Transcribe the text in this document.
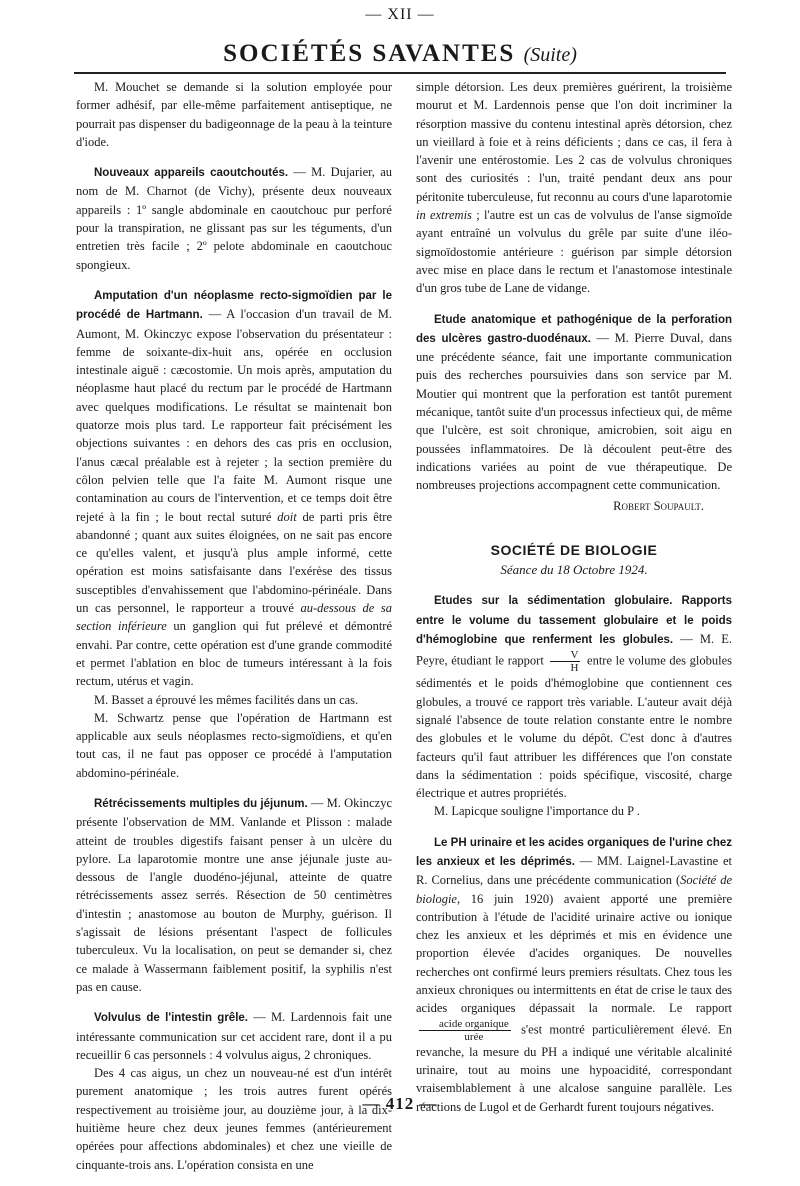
— XII —
SOCIÉTÉS SAVANTES (Suite)

M. Mouchet se demande si la solution employée pour former adhésif, par elle-même parfaitement antiseptique, ne pourrait pas dispenser du badigeonnage de la peau à la teinture d'iode.

Nouveaux appareils caoutchoutés. — M. Dujarier, au nom de M. Charnot (de Vichy), présente deux nouveaux appareils : 1º sangle abdominale en caoutchouc pur perforé pour la transpiration, ne glissant pas sur les téguments, d'un entretien très facile ; 2º pelote abdominale en caoutchouc spongieux.

Amputation d'un néoplasme recto-sigmoïdien par le procédé de Hartmann. — A l'occasion d'un travail de M. Aumont, M. Okinczyc expose l'observation du présentateur : femme de soixante-dix-huit ans, opérée en occlusion intestinale aiguë : cæcostomie. Un mois après, amputation du néoplasme haut placé du rectum par le procédé de Hartmann avec quelques modifications. Le résultat se maintenait bon quatorze mois plus tard. Le rapporteur fait précisément les objections suivantes : en dehors des cas pris en occlusion, l'anus cæcal préalable est à rejeter ; la section première du côlon pelvien telle que l'a faite M. Aumont risque une contamination au cours de l'intervention, et ce temps doit être rejeté à la fin ; le bout rectal suturé doit de parti pris être abandonné ; quant aux suites éloignées, on ne sait pas encore ce qu'elles valent, et jusqu'à plus ample informé, cette opération est moins satisfaisante dans l'exérèse des tissus susceptibles d'envahissement que l'abdomino-périnéale. Dans un cas personnel, le rapporteur a trouvé au-dessous de sa section inférieure un ganglion qui fut prélevé et démontré envahi. Par contre, cette opération est d'une grande commodité et permet l'ablation en bloc de tumeurs intéressant à la fois rectum, utérus et vagin.

M. Basset a éprouvé les mêmes facilités dans un cas.

M. Schwartz pense que l'opération de Hartmann est applicable aux seuls néoplasmes recto-sigmoïdiens, et qu'en tout cas, il ne faut pas opposer ce procédé à l'amputation abdomino-périnéale.

Rétrécissements multiples du jéjunum. — M. Okinczyc présente l'observation de MM. Vanlande et Plisson : malade atteint de troubles digestifs faisant penser à un ulcère du pylore. La laparotomie montre une anse jéjunale juste au-dessous de l'angle duodéno-jéjunal, atteinte de quatre rétrécissements assez serrés. Résection de 50 centimètres d'intestin ; anastomose au bouton de Murphy, guérison. Il s'agissait de lésions présentant l'aspect de follicules tuberculeux. Vu la localisation, on peut se demander si, chez ce malade à Wassermann faiblement positif, la syphilis n'est pas en cause.

Volvulus de l'intestin grêle. — M. Lardennois fait une intéressante communication sur cet accident rare, dont il a pu recueillir 6 cas personnels : 4 volvulus aigus, 2 chroniques.

Des 4 cas aigus, un chez un nouveau-né est d'un intérêt purement anatomique ; les trois autres furent opérés respectivement au troisième jour, au douzième jour, à la dix-huitième heure chez deux jeunes femmes (antérieurement opérées pour affections abdominales) et chez une vieille de cinquante-trois ans. L'opération consista en une

simple détorsion. Les deux premières guérirent, la troisième mourut et M. Lardennois pense que l'on doit incriminer la résorption massive du contenu intestinal après détorsion, chez un vieillard à foie et à reins déficients ; dans ce cas, il fera à l'avenir une entérostomie. Les 2 cas de volvulus chroniques sont des curiosités : l'un, traité pendant deux ans pour péritonite tuberculeuse, fut reconnu au cours d'une laparotomie in extremis ; l'autre est un cas de volvulus de l'anse sigmoïde ayant entraîné un volvulus du grêle par suite d'une iléo-sigmoïdostomie antérieure : guérison par simple détorsion avec mise en place dans le rectum et l'anastomose intestinale d'un gros tube de Lane de vidange.

Etude anatomique et pathogénique de la perforation des ulcères gastro-duodénaux. — M. Pierre Duval, dans une précédente séance, fait une importante communication puis des recherches poursuivies dans son service par M. Moutier qui montrent que la perforation est tantôt purement mécanique, tantôt suite d'un processus infectieux qui, de même que l'ulcère, est soit chronique, amicrobien, soit aigu en poussées inflammatoires. De là découlent peut-être des indications variées au point de vue thérapeutique. De nombreuses projections accompagnent cette communication.

Robert Soupault.

SOCIÉTÉ DE BIOLOGIE

Séance du 18 Octobre 1924.

Etudes sur la sédimentation globulaire. Rapports entre le volume du tassement globulaire et le poids d'hémoglobine que renferment les globules. — M. E. Peyre, étudiant le rapport $\frac{V}{H}$ entre le volume des globules sédimentés et le poids d'hémoglobine que contiennent ces globules, a trouvé ce rapport très variable. L'auteur avait déjà signalé l'absence de toute relation constante entre le nombre des globules et le volume du dépôt. C'est donc à d'autres facteurs qu'il faut attribuer les différences que l'on constate dans la sédimentation : poids spécifique, viscosité, charge électrique et autres propriétés.

M. Lapicque souligne l'importance du P .

Le PH urinaire et les acides organiques de l'urine chez les anxieux et les déprimés. — MM. Laignel-Lavastine et R. Cornelius, dans une précédente communication (Société de biologie, 16 juin 1920) avaient apporté une première contribution à l'étude de l'acidité urinaire active ou ionique chez les anxieux et les déprimés et mis en évidence une proportion élevée d'acides organiques. De nouvelles recherches ont confirmé leurs premiers résultats. Chez tous les anxieux chroniques ou intermittents en état de crise le taux des acides organiques dépassait la normale. Le rapport
$\frac{\text{acide organique}}{\text{urée}} s'est$ montré particulièrement élevé. En revanche, la mesure du PH a indiqué une véritable alcalinité urinaire, tout au moins une hypoacidité, correspondant vraisemblablement à une alcalose sanguine parallèle. Les réactions de Lugol et de Gerhardt furent toujours négatives.

— 412 —
